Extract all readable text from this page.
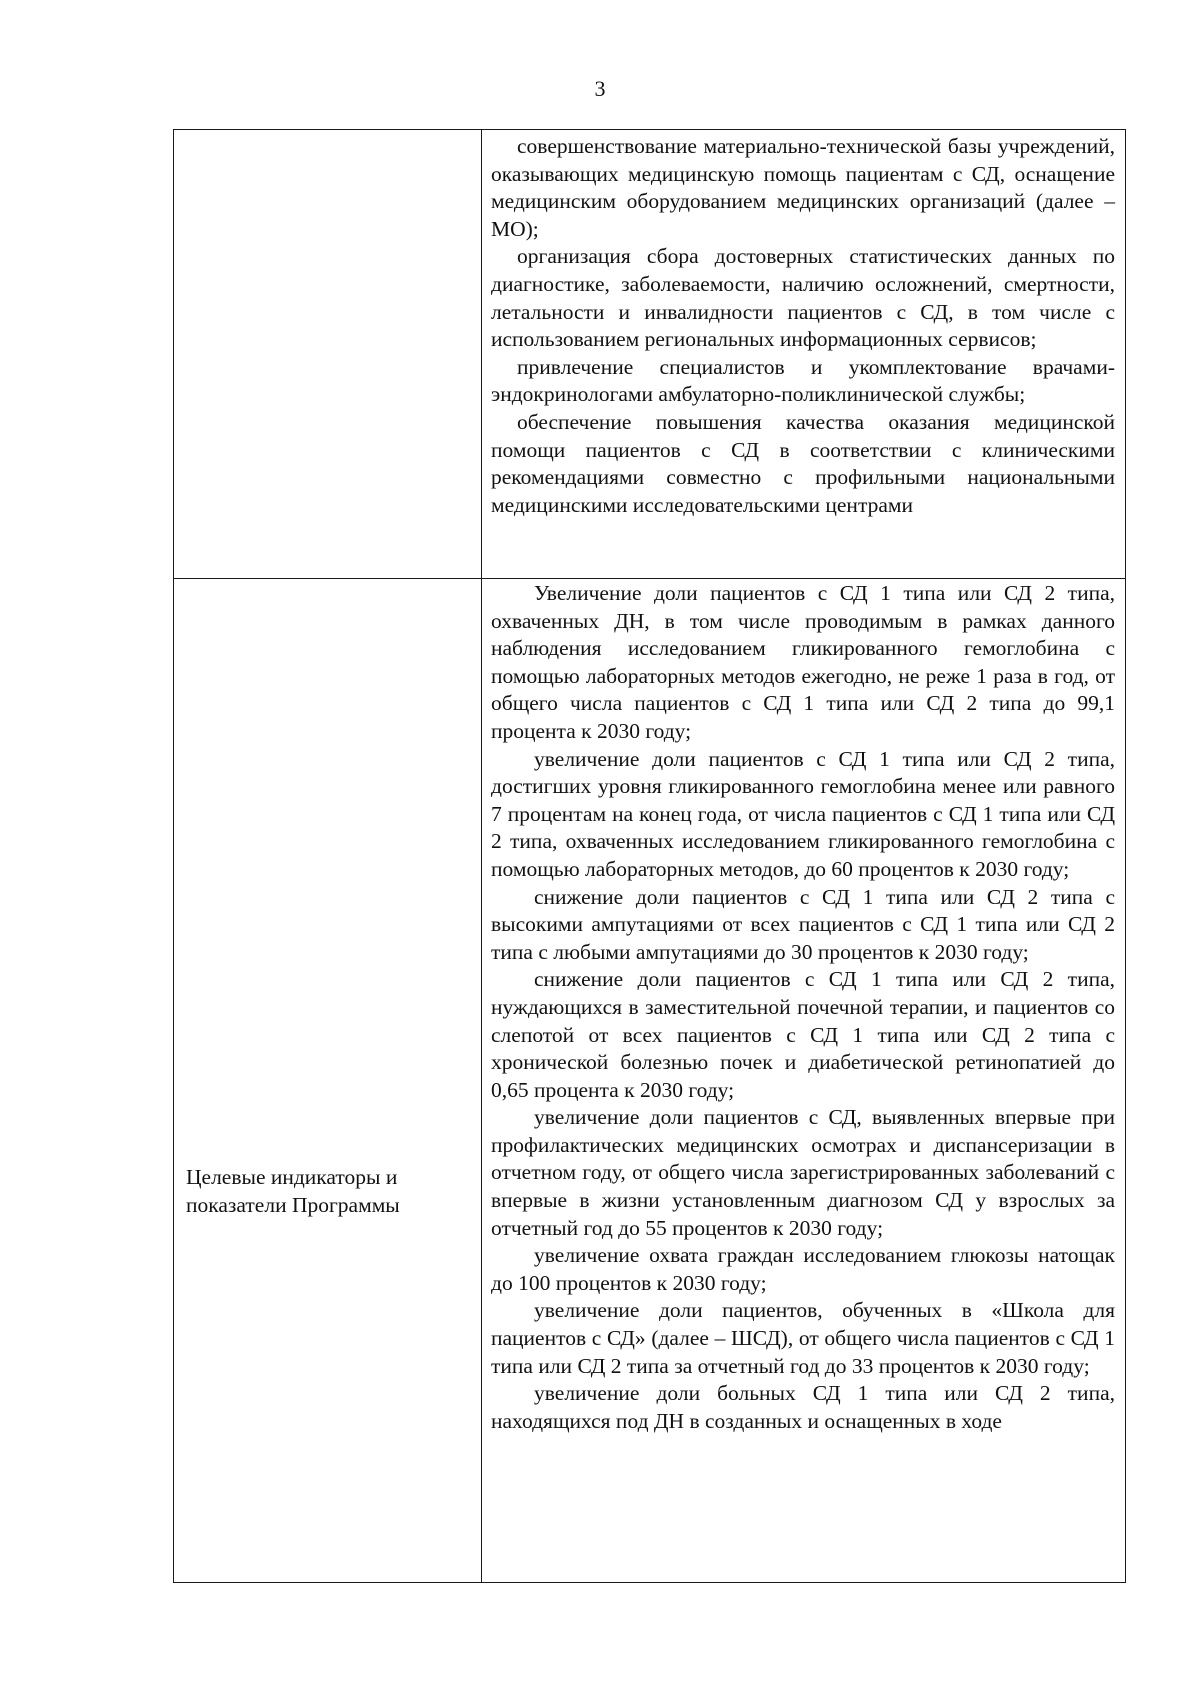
3

совершенствование материально-технической базы учреждений, оказывающих медицинскую помощь пациентам с СД, оснащение медицинским оборудованием медицинских организаций (далее – МО);

организация сбора достоверных статистических данных по диагностике, заболеваемости, наличию осложнений, смертности, летальности и инвалидности пациентов с СД, в том числе с использованием региональных информационных сервисов;

привлечение специалистов и укомплектование врачами-эндокринологами амбулаторно-поликлинической службы;

обеспечение повышения качества оказания медицинской помощи пациентов с СД в соответствии с клиническими рекомендациями совместно с профильными национальными медицинскими исследовательскими центрами

Целевые индикаторы и
показатели Программы

Увеличение доли пациентов с СД 1 типа или СД 2 типа, охваченных ДН, в том числе проводимым в рамках данного наблюдения исследованием гликированного гемоглобина с помощью лабораторных методов ежегодно, не реже 1 раза в год, от общего числа пациентов с СД 1 типа или СД 2 типа до 99,1 процента к 2030 году;

увеличение доли пациентов с СД 1 типа или СД 2 типа, достигших уровня гликированного гемоглобина менее или равного 7 процентам на конец года, от числа пациентов с СД 1 типа или СД 2 типа, охваченных исследованием гликированного гемоглобина с помощью лабораторных методов, до 60 процентов к 2030 году;

снижение доли пациентов с СД 1 типа или СД 2 типа с высокими ампутациями от всех пациентов с СД 1 типа или СД 2 типа с любыми ампутациями до 30 процентов к 2030 году;

снижение доли пациентов с СД 1 типа или СД 2 типа, нуждающихся в заместительной почечной терапии, и пациентов со слепотой от всех пациентов с СД 1 типа или СД 2 типа с хронической болезнью почек и диабетической ретинопатией до 0,65 процента к 2030 году;

увеличение доли пациентов с СД, выявленных впервые при профилактических медицинских осмотрах и диспансеризации в отчетном году, от общего числа зарегистрированных заболеваний с впервые в жизни установленным диагнозом СД у взрослых за отчетный год до 55 процентов к 2030 году;

увеличение охвата граждан исследованием глюкозы натощак до 100 процентов к 2030 году;

увеличение доли пациентов, обученных в «Школа для пациентов с СД» (далее – ШСД), от общего числа пациентов с СД 1 типа или СД 2 типа за отчетный год до 33 процентов к 2030 году;

увеличение доли больных СД 1 типа или СД 2 типа, находящихся под ДН в созданных и оснащенных в ходе
